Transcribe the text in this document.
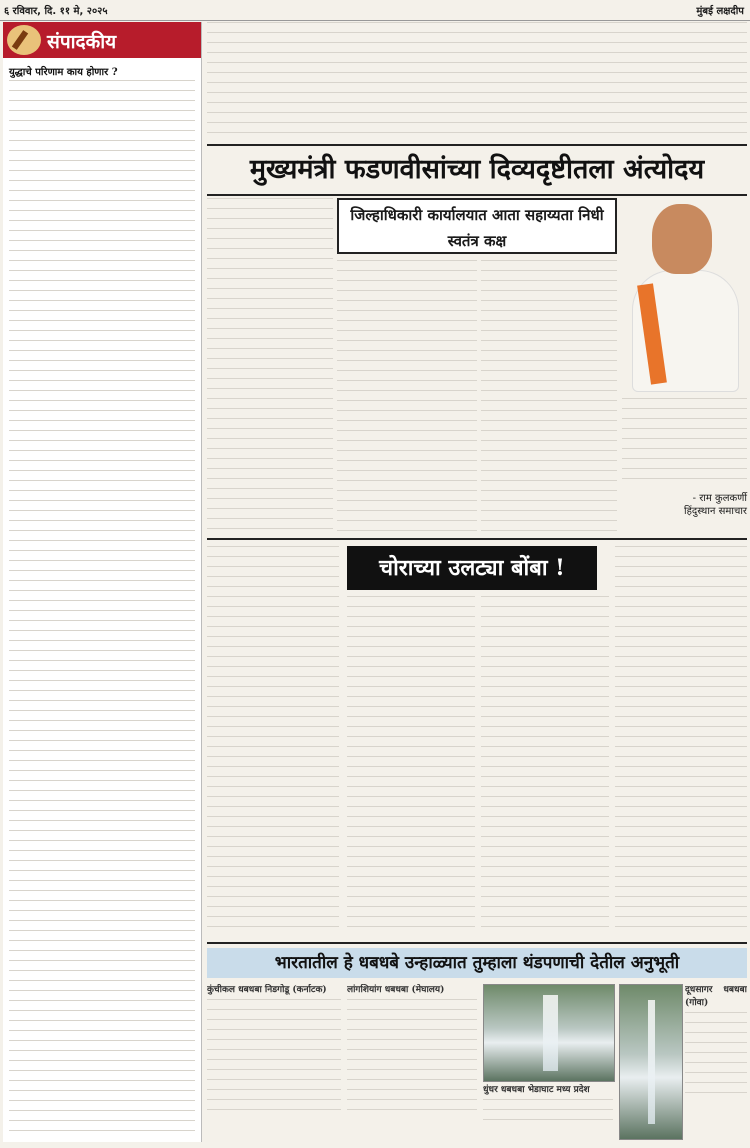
६ रविवार, दि. ११ मे, २०२५	मुंबई लक्षदीप
संपादकीय
युद्धाचे परिणाम काय होणार ?
मुख्यमंत्री फडणवीसांच्या दिव्यदृष्टीतला अंत्योदय
जिल्हाधिकारी कार्यालयात आता सहाय्यता निधी स्वतंत्र कक्ष
- राम कुलकर्णी
हिंदुस्थान समाचार
चोराच्या उलट्या बोंबा !
भारतातील हे धबधबे उन्हाळ्यात तुम्हाला थंडपणाची देतील अनुभूती
कुंचीकल धबधबा निडगोडू (कर्नाटक)	लांगशियांग धबधबा (मेघालय)
धुंधर धबधबा भेडाघाट मध्य प्रदेश
दूधसागर धबधबा (गोवा)
